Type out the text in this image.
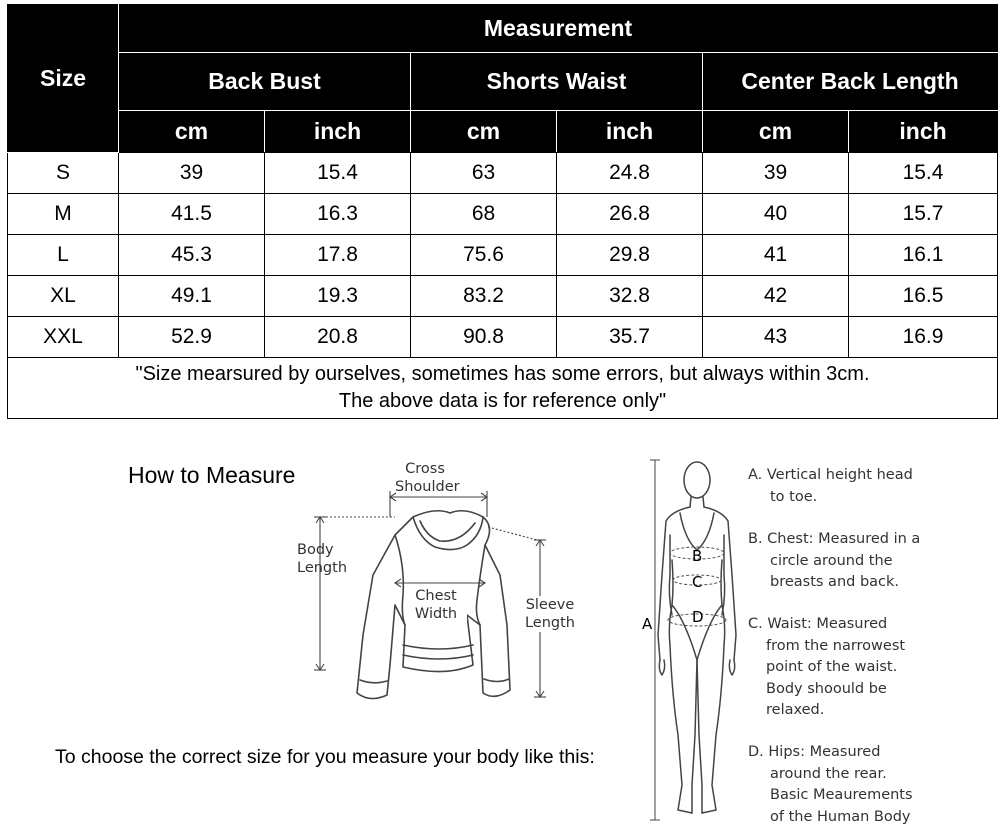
Size	Measurement					
	Back Bust		Shorts Waist		Center Back Length	
	cm	inch	cm	inch	cm	inch
S	39	15.4	63	24.8	39	15.4
M	41.5	16.3	68	26.8	40	15.7
L	45.3	17.8	75.6	29.8	41	16.1
XL	49.1	19.3	83.2	32.8	42	16.5
XXL	52.9	20.8	90.8	35.7	43	16.9

"Size mearsured by ourselves, sometimes has some errors, but always within 3cm.
The above data is for reference only"						
How to Measure	Cross
Shoulder
Body
Length
Chest
Width
Sleeve
Length
To choose the correct size for you measure your body like this:
B
C
D
A
A. Vertical height head
to toe.
B. Chest: Measured in a
circle around the
breasts and back.
C. Waist: Measured
from the narrowest
point of the waist.
Body shoould be
relaxed.
D. Hips: Measured
around the rear.
Basic Meaurements
of the Human Body
